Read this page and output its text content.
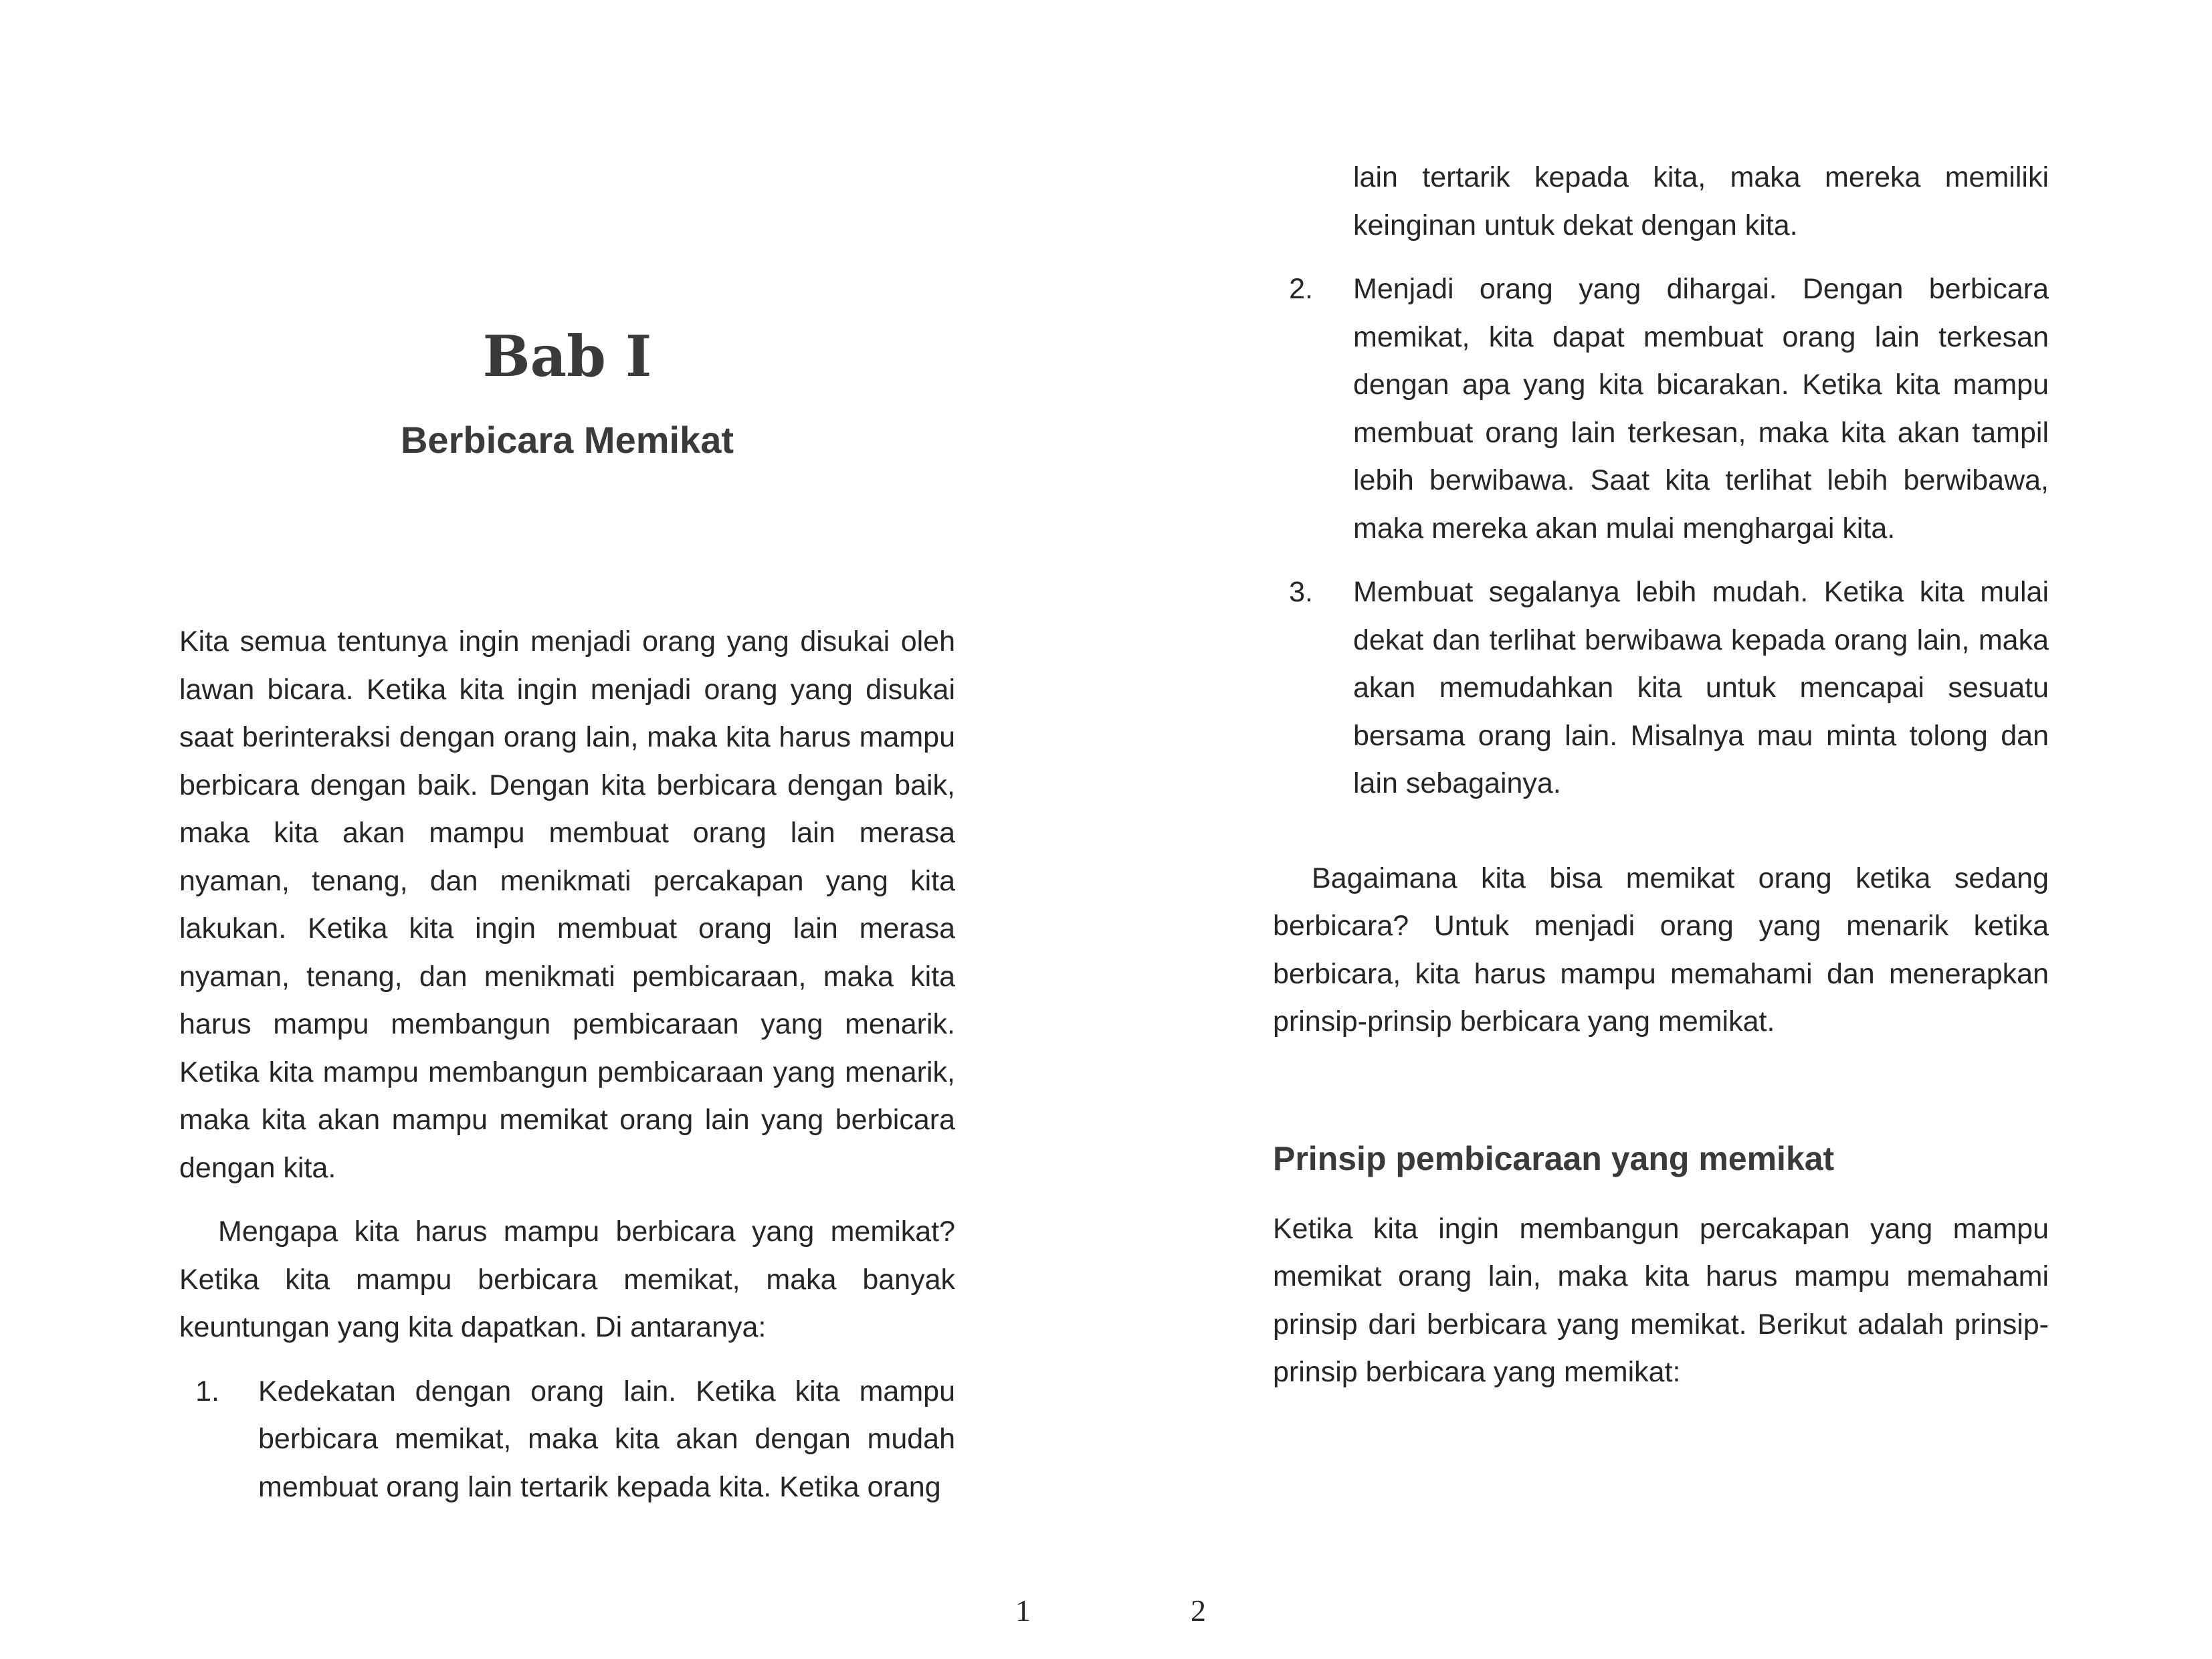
Bab I
Berbicara Memikat

Kita semua tentunya ingin menjadi orang yang disukai oleh lawan bicara. Ketika kita ingin menjadi orang yang disukai saat berinteraksi dengan orang lain, maka kita harus mampu berbicara dengan baik. Dengan kita berbicara dengan baik, maka kita akan mampu membuat orang lain merasa nyaman, tenang, dan menikmati percakapan yang kita lakukan. Ketika kita ingin membuat orang lain merasa nyaman, tenang, dan menikmati pembicaraan, maka kita harus mampu membangun pembicaraan yang menarik. Ketika kita mampu membangun pembicaraan yang menarik, maka kita akan mampu memikat orang lain yang berbicara dengan kita.

Mengapa kita harus mampu berbicara yang memikat? Ketika kita mampu berbicara memikat, maka banyak keuntungan yang kita dapatkan. Di antaranya:

1. Kedekatan dengan orang lain. Ketika kita mampu berbicara memikat, maka kita akan dengan mudah membuat orang lain tertarik kepada kita. Ketika orang
1

lain tertarik kepada kita, maka mereka memiliki keinginan untuk dekat dengan kita.

2. Menjadi orang yang dihargai. Dengan berbicara memikat, kita dapat membuat orang lain terkesan dengan apa yang kita bicarakan. Ketika kita mampu membuat orang lain terkesan, maka kita akan tampil lebih berwibawa. Saat kita terlihat lebih berwibawa, maka mereka akan mulai menghargai kita.
3. Membuat segalanya lebih mudah. Ketika kita mulai dekat dan terlihat berwibawa kepada orang lain, maka akan memudahkan kita untuk mencapai sesuatu bersama orang lain. Misalnya mau minta tolong dan lain sebagainya.

Bagaimana kita bisa memikat orang ketika sedang berbicara? Untuk menjadi orang yang menarik ketika berbicara, kita harus mampu memahami dan menerapkan prinsip-prinsip berbicara yang memikat.

Prinsip pembicaraan yang memikat

Ketika kita ingin membangun percakapan yang mampu memikat orang lain, maka kita harus mampu memahami prinsip dari berbicara yang memikat. Berikut adalah prinsip-prinsip berbicara yang memikat:

2
